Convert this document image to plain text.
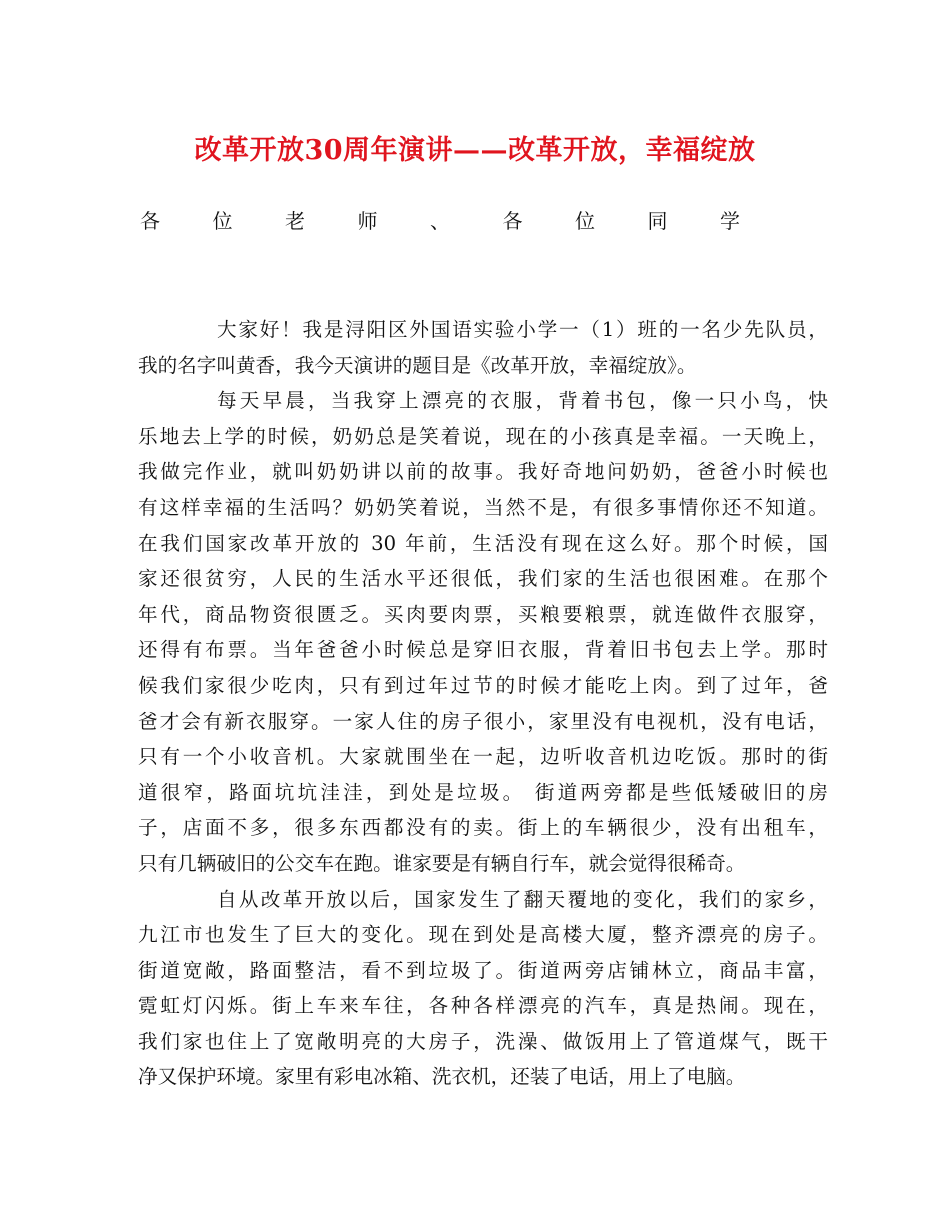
改革开放30周年演讲——改革开放，幸福绽放
各	位	老	师	、	各	位	同	学
大家好！我是浔阳区外国语实验小学一（1）班的一名少先队员，
我的名字叫黄香，我今天演讲的题目是《改革开放，幸福绽放》。
每天早晨，当我穿上漂亮的衣服，背着书包，像一只小鸟，快
乐地去上学的时候，奶奶总是笑着说，现在的小孩真是幸福。一天晚上，
我做完作业，就叫奶奶讲以前的故事。我好奇地问奶奶，爸爸小时候也
有这样幸福的生活吗？奶奶笑着说，当然不是，有很多事情你还不知道。
在我们国家改革开放的 30 年前，生活没有现在这么好。那个时候，国
家还很贫穷，人民的生活水平还很低，我们家的生活也很困难。在那个
年代，商品物资很匮乏。买肉要肉票，买粮要粮票，就连做件衣服穿，
还得有布票。当年爸爸小时候总是穿旧衣服，背着旧书包去上学。那时
候我们家很少吃肉，只有到过年过节的时候才能吃上肉。到了过年，爸
爸才会有新衣服穿。一家人住的房子很小，家里没有电视机，没有电话，
只有一个小收音机。大家就围坐在一起，边听收音机边吃饭。那时的街
道很窄，路面坑坑洼洼，到处是垃圾。 街道两旁都是些低矮破旧的房
子，店面不多，很多东西都没有的卖。街上的车辆很少，没有出租车，
只有几辆破旧的公交车在跑。谁家要是有辆自行车，就会觉得很稀奇。
自从改革开放以后，国家发生了翻天覆地的变化，我们的家乡，
九江市也发生了巨大的变化。现在到处是高楼大厦，整齐漂亮的房子。
街道宽敞，路面整洁，看不到垃圾了。街道两旁店铺林立，商品丰富，
霓虹灯闪烁。街上车来车往，各种各样漂亮的汽车，真是热闹。现在，
我们家也住上了宽敞明亮的大房子，洗澡、做饭用上了管道煤气，既干
净又保护环境。家里有彩电冰箱、洗衣机，还装了电话，用上了电脑。
